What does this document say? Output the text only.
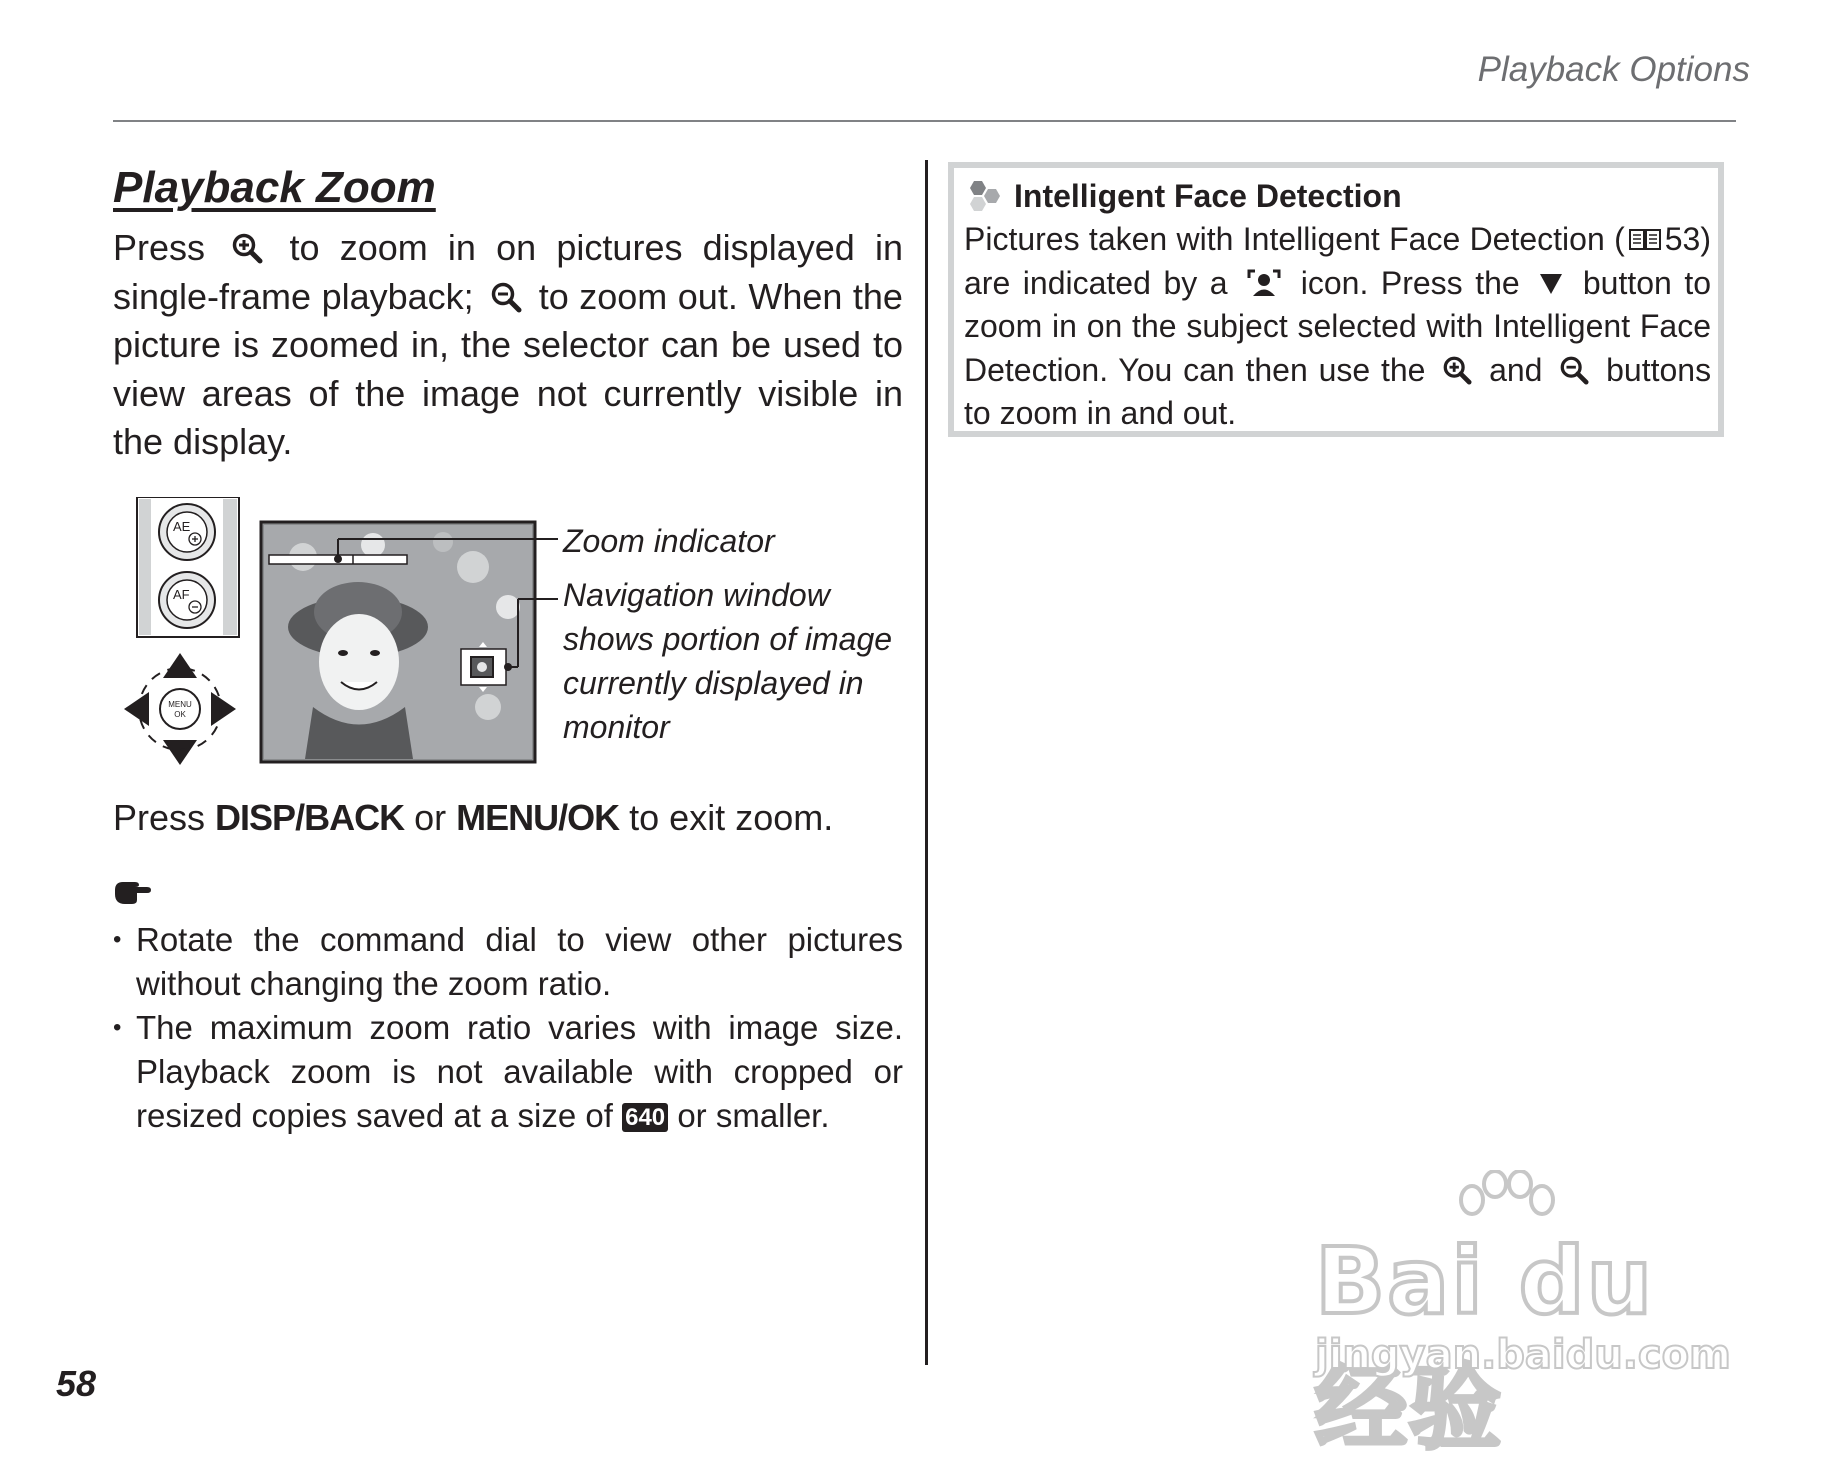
Playback Options
Playback Zoom

Press to zoom in on pictures displayed in single-frame playback; to zoom out. When the picture is zoomed in, the selector can be used to view areas of the image not currently visible in the display.

AE
AF
MENU
OK
Zoom indicator
Navigation window shows portion of image currently displayed in monitor

Press DISP/BACK or MENU/OK to exit zoom.

• Rotate the command dial to view other pictures without changing the zoom ratio.
• The maximum zoom ratio varies with image size. Playback zoom is not available with cropped or resized copies saved at a size of 640 or smaller.
Intelligent Face Detection

Pictures taken with Intelligent Face Detection ( 53) are indicated by a icon. Press the button to zoom in on the subject selected with Intelligent Face Detection. You can then use the and buttons to zoom in and out.

58
Bai du 经验
jingyan.baidu.com
